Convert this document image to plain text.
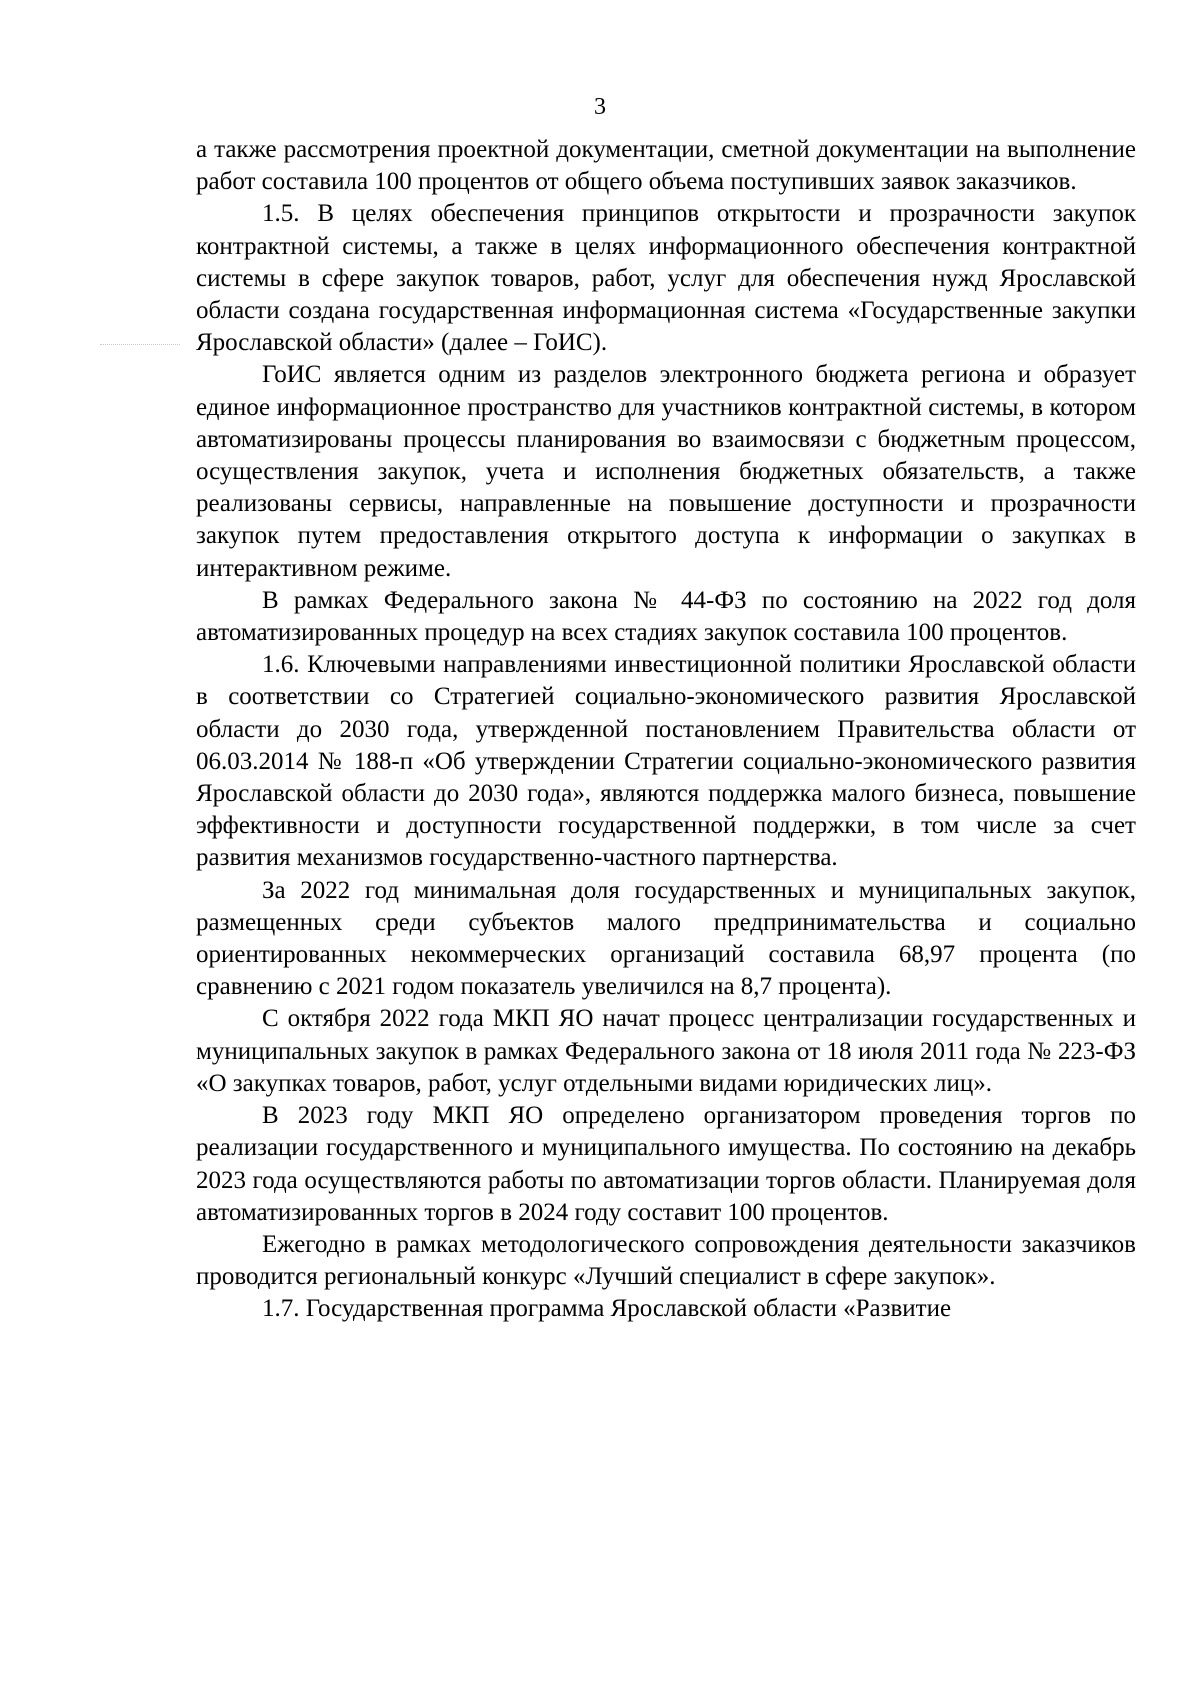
3

а также рассмотрения проектной документации, сметной документации на выполнение работ составила 100 процентов от общего объема поступивших заявок заказчиков.

1.5. В целях обеспечения принципов открытости и прозрачности закупок контрактной системы, а также в целях информационного обеспечения контрактной системы в сфере закупок товаров, работ, услуг для обеспечения нужд Ярославской области создана государственная информационная система «Государственные закупки Ярославской области» (далее – ГоИС).

ГоИС является одним из разделов электронного бюджета региона и образует единое информационное пространство для участников контрактной системы, в котором автоматизированы процессы планирования во взаимосвязи с бюджетным процессом, осуществления закупок, учета и исполнения бюджетных обязательств, а также реализованы сервисы, направленные на повышение доступности и прозрачности закупок путем предоставления открытого доступа к информации о закупках в интерактивном режиме.

В рамках Федерального закона № 44-ФЗ по состоянию на 2022 год доля автоматизированных процедур на всех стадиях закупок составила 100 процентов.

1.6. Ключевыми направлениями инвестиционной политики Ярославской области в соответствии со Стратегией социально-экономического развития Ярославской области до 2030 года, утвержденной постановлением Правительства области от 06.03.2014 № 188-п «Об утверждении Стратегии социально-экономического развития Ярославской области до 2030 года», являются поддержка малого бизнеса, повышение эффективности и доступности государственной поддержки, в том числе за счет развития механизмов государственно-частного партнерства.

За 2022 год минимальная доля государственных и муниципальных закупок, размещенных среди субъектов малого предпринимательства и социально ориентированных некоммерческих организаций составила 68,97 процента (по сравнению с 2021 годом показатель увеличился на 8,7 процента).

С октября 2022 года МКП ЯО начат процесс централизации государственных и муниципальных закупок в рамках Федерального закона от 18 июля 2011 года № 223-ФЗ «О закупках товаров, работ, услуг отдельными видами юридических лиц».

В 2023 году МКП ЯО определено организатором проведения торгов по реализации государственного и муниципального имущества. По состоянию на декабрь 2023 года осуществляются работы по автоматизации торгов области. Планируемая доля автоматизированных торгов в 2024 году составит 100 процентов.

Ежегодно в рамках методологического сопровождения деятельности заказчиков проводится региональный конкурс «Лучший специалист в сфере закупок».

1.7. Государственная программа Ярославской области «Развитие
